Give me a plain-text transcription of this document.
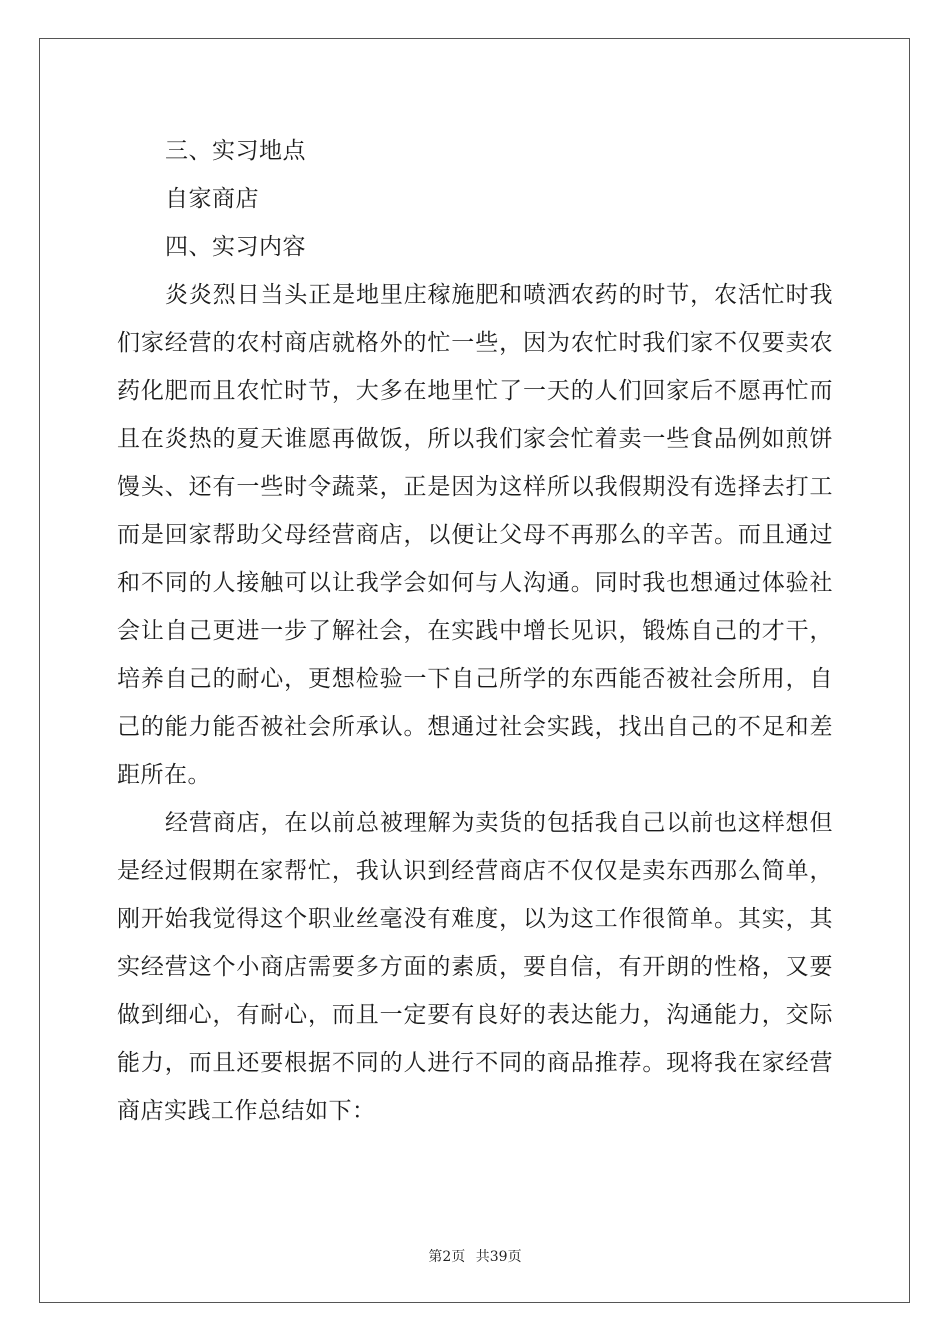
三、实习地点

自家商店

四、实习内容

炎炎烈日当头正是地里庄稼施肥和喷洒农药的时节，农活忙时我们家经营的农村商店就格外的忙一些，因为农忙时我们家不仅要卖农药化肥而且农忙时节，大多在地里忙了一天的人们回家后不愿再忙而且在炎热的夏天谁愿再做饭，所以我们家会忙着卖一些食品例如煎饼馒头、还有一些时令蔬菜，正是因为这样所以我假期没有选择去打工而是回家帮助父母经营商店，以便让父母不再那么的辛苦。而且通过和不同的人接触可以让我学会如何与人沟通。同时我也想通过体验社会让自己更进一步了解社会，在实践中增长见识，锻炼自己的才干，培养自己的耐心，更想检验一下自己所学的东西能否被社会所用，自己的能力能否被社会所承认。想通过社会实践，找出自己的不足和差距所在。

经营商店，在以前总被理解为卖货的包括我自己以前也这样想但是经过假期在家帮忙，我认识到经营商店不仅仅是卖东西那么简单，刚开始我觉得这个职业丝毫没有难度，以为这工作很简单。其实，其实经营这个小商店需要多方面的素质，要自信，有开朗的性格，又要做到细心，有耐心，而且一定要有良好的表达能力，沟通能力，交际能力，而且还要根据不同的人进行不同的商品推荐。现将我在家经营商店实践工作总结如下：

第2页 共39页
